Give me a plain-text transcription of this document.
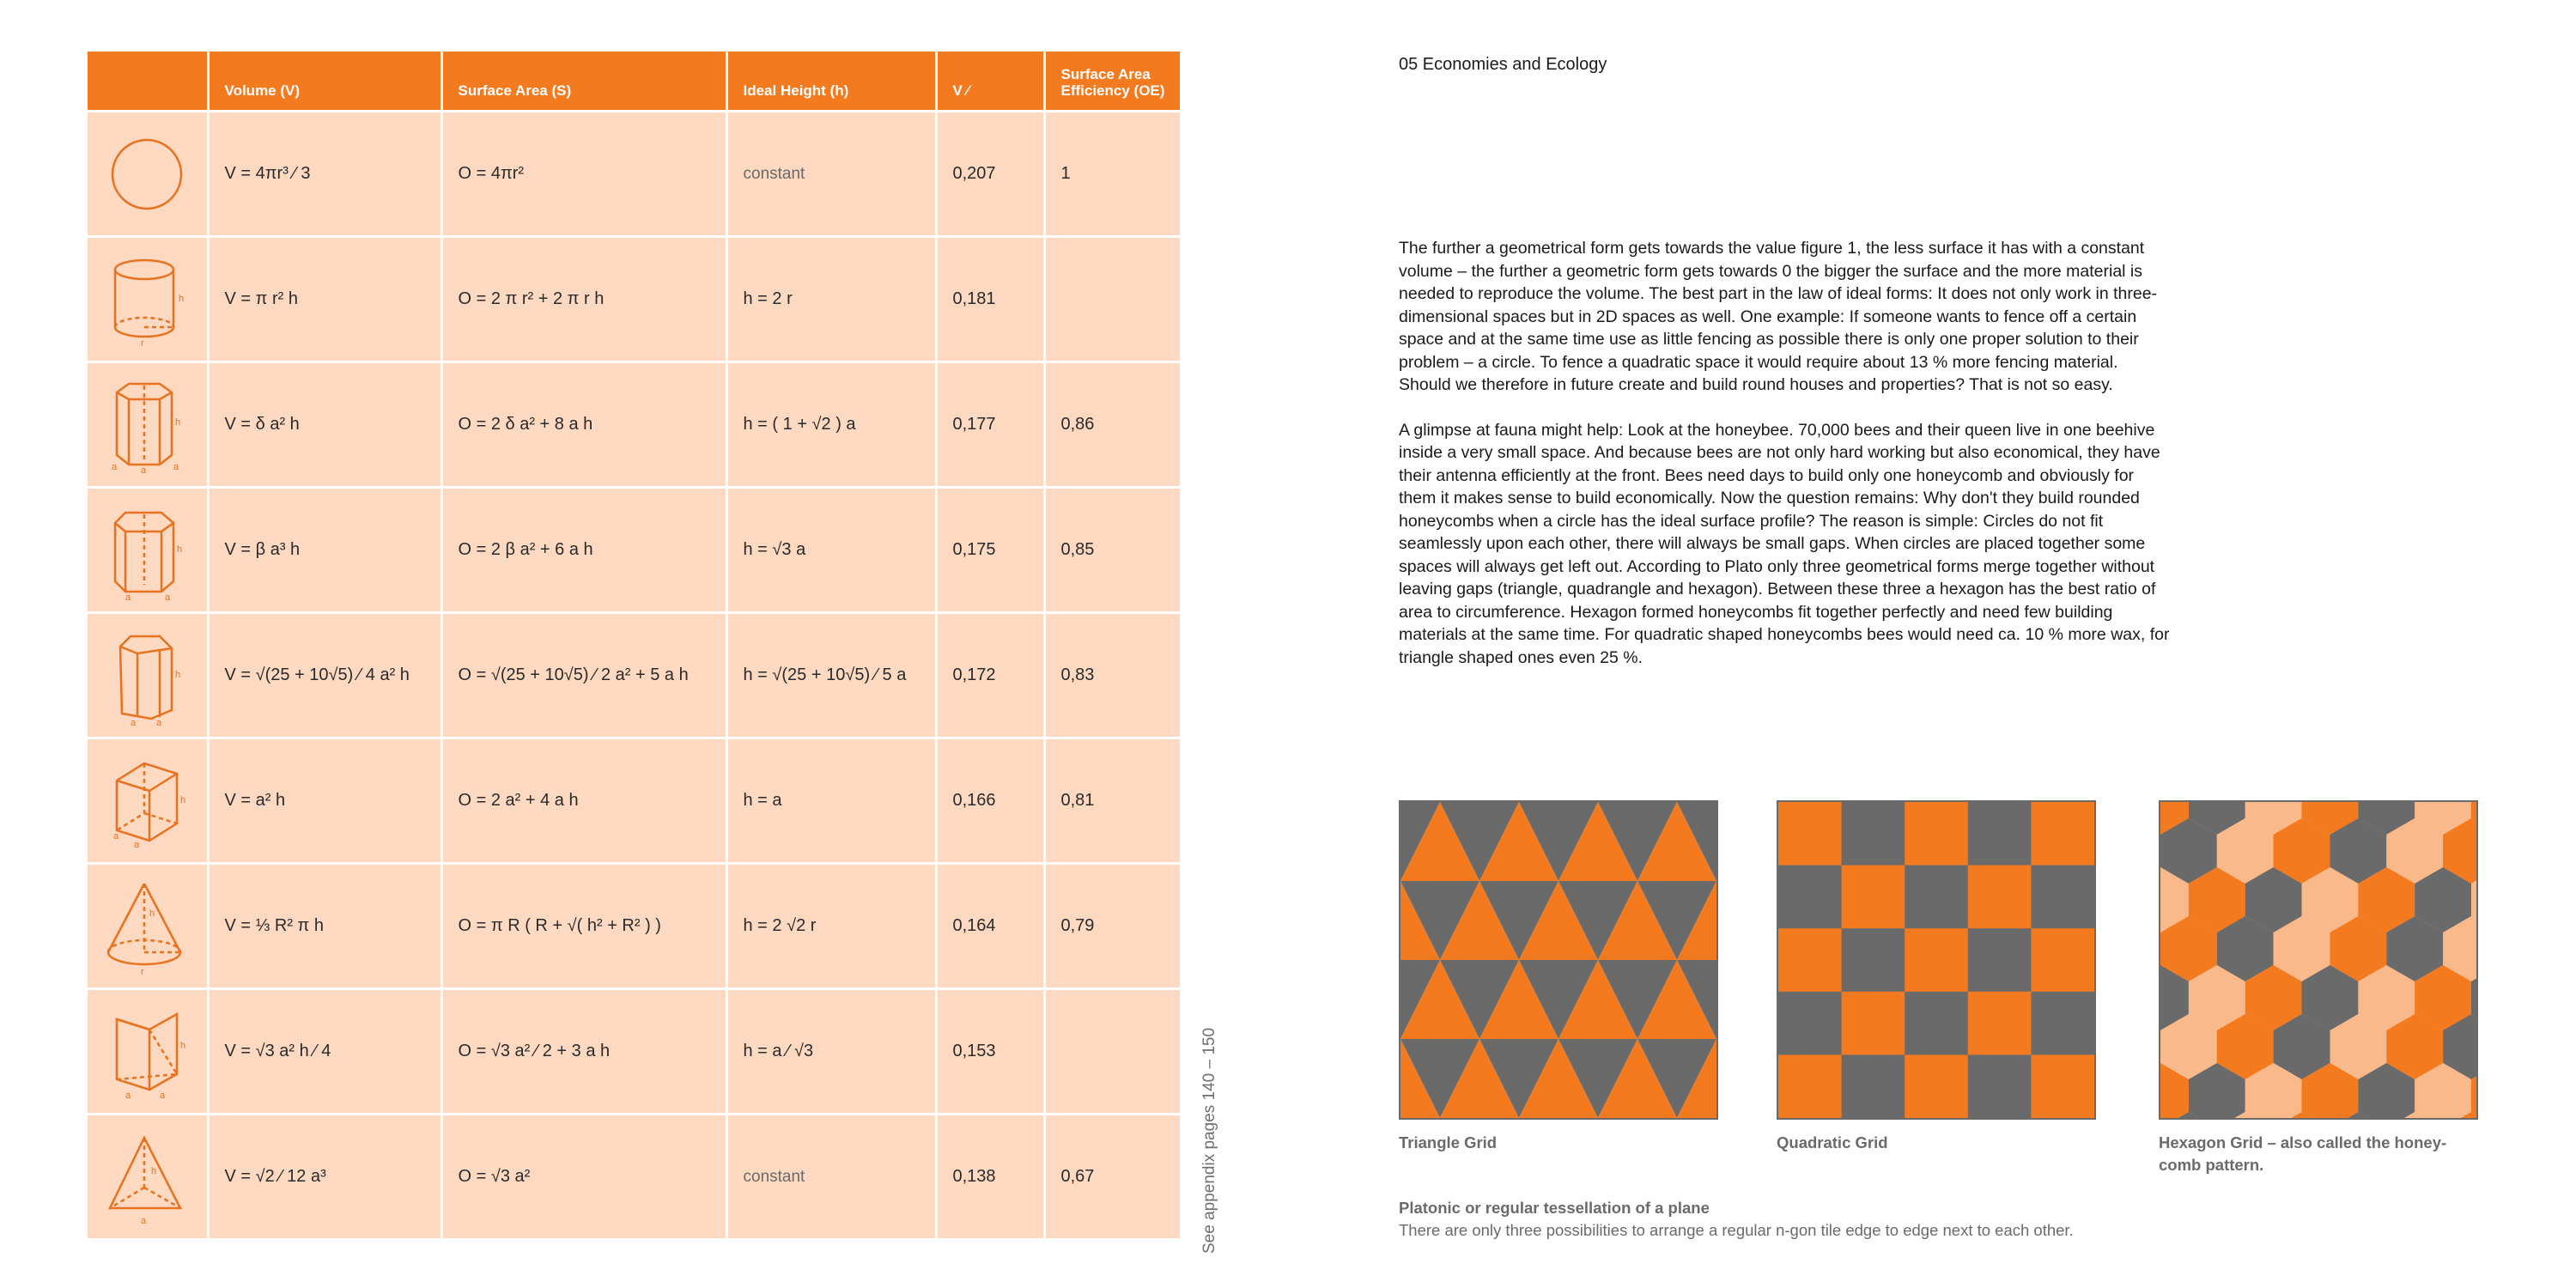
	Volume (V)	Surface Area (S)	Ideal Height (h)	V ⁄	Surface Area Efficiency (OE)

	V = 4πr³ ⁄ 3	O = 4πr²	constant	0,207	1

h
r	V = π r² h	O = 2 π r² + 2 π r h	h = 2 r	0,181	

h
a a a	V = δ a² h	O = 2 δ a² + 8 a h	h = ( 1 + √2 ) a	0,177	0,86

h
a a	V = β a³ h	O = 2 β a² + 6 a h	h = √3 a	0,175	0,85

h
a a	V = √(25 + 10√5) ⁄ 4 a² h	O = √(25 + 10√5) ⁄ 2 a² + 5 a h	h = √(25 + 10√5) ⁄ 5 a	0,172	0,83

h
a
a	V = a² h	O = 2 a² + 4 a h	h = a	0,166	0,81

h
r	V = ⅓ R² π h	O = π R ( R + √( h² + R² ) )	h = 2 √2 r	0,164	0,79

h
a a	V = √3 a² h ⁄ 4	O = √3 a² ⁄ 2 + 3 a h	h = a ⁄ √3	0,153	

h
a	V = √2 ⁄ 12 a³	O = √3 a²	constant	0,138	0,67	See appendix pages 140 – 150
05 Economies and Ecology

The further a geometrical form gets towards the value figure 1, the less surface it has with a constant volume – the further a geometric form gets towards 0 the bigger the surface and the more material is needed to reproduce the volume. The best part in the law of ideal forms: It does not only work in three-dimensional spaces but in 2D spaces as well. One example: If someone wants to fence off a certain space and at the same time use as little fencing as possible there is only one proper solution to their problem – a circle. To fence a quadratic space it would require about 13 % more fencing material. Should we therefore in future create and build round houses and properties? That is not so easy.

A glimpse at fauna might help: Look at the honeybee. 70,000 bees and their queen live in one beehive inside a very small space. And because bees are not only hard working but also economical, they have their antenna efficiently at the front. Bees need days to build only one honeycomb and obviously for them it makes sense to build economically. Now the question remains: Why don't they build rounded honeycombs when a circle has the ideal surface profile? The reason is simple: Circles do not fit seamlessly upon each other, there will always be small gaps. When circles are placed together some spaces will always get left out. According to Plato only three geometrical forms merge together without leaving gaps (triangle, quadrangle and hexagon). Between these three a hexagon has the best ratio of area to circumference. Hexagon formed honeycombs fit together perfectly and need few building materials at the same time. For quadratic shaped honeycombs bees would need ca. 10 % more wax, for triangle shaped ones even 25 %.

Triangle Grid	Quadratic Grid	Hexagon Grid – also called the honey-comb pattern.
Platonic or regular tessellation of a plane
There are only three possibilities to arrange a regular n-gon tile edge to edge next to each other.
